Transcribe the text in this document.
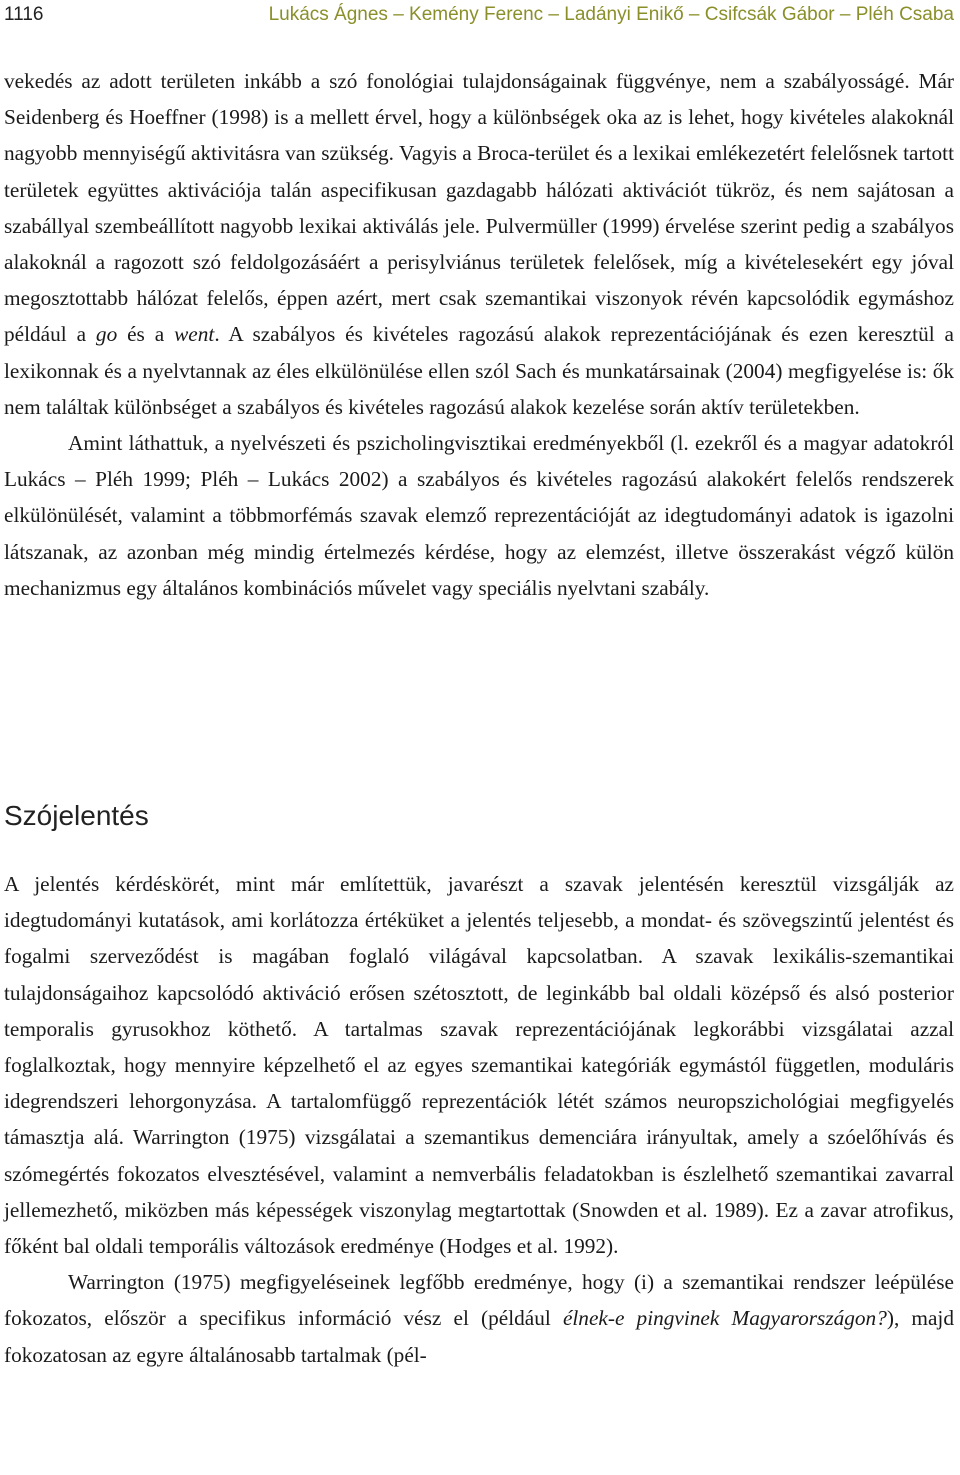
1116	Lukács Ágnes – Kemény Ferenc – Ladányi Enikő – Csifcsák Gábor – Pléh Csaba

vekedés az adott területen inkább a szó fonológiai tulajdonságainak függvénye, nem a szabályosságé. Már Seidenberg és Hoeffner (1998) is a mellett érvel, hogy a különbségek oka az is lehet, hogy kivételes alakoknál nagyobb mennyiségű aktivitásra van szükség. Vagyis a Broca-terület és a lexikai emlékezetért felelősnek tartott területek együttes aktivációja talán aspecifikusan gazdagabb hálózati aktivációt tükröz, és nem sajátosan a szabállyal szembeállított nagyobb lexikai aktiválás jele. Pulvermüller (1999) érvelése szerint pedig a szabályos alakoknál a ragozott szó feldolgozásáért a perisylviánus területek felelősek, míg a kivételesekért egy jóval megosztottabb hálózat felelős, éppen azért, mert csak szemantikai viszonyok révén kapcsolódik egymáshoz például a go és a went. A szabályos és kivételes ragozású alakok reprezentációjának és ezen keresztül a lexikonnak és a nyelvtannak az éles elkülönülése ellen szól Sach és munkatársainak (2004) megfigyelése is: ők nem találtak különbséget a szabályos és kivételes ragozású alakok kezelése során aktív területekben.

Amint láthattuk, a nyelvészeti és pszicholingvisztikai eredményekből (l. ezekről és a magyar adatokról Lukács – Pléh 1999; Pléh – Lukács 2002) a szabályos és kivételes ragozású alakokért felelős rendszerek elkülönülését, valamint a többmorfémás szavak elemző reprezentációját az idegtudományi adatok is igazolni látszanak, az azonban még mindig értelmezés kérdése, hogy az elemzést, illetve összerakást végző külön mechanizmus egy általános kombinációs művelet vagy speciális nyelvtani szabály.

Szójelentés

A jelentés kérdéskörét, mint már említettük, javarészt a szavak jelentésén keresztül vizsgálják az idegtudományi kutatások, ami korlátozza értéküket a jelentés teljesebb, a mondat- és szövegszintű jelentést és fogalmi szerveződést is magában foglaló világával kapcsolatban. A szavak lexikális-szemantikai tulajdonságaihoz kapcsolódó aktiváció erősen szétosztott, de leginkább bal oldali középső és alsó posterior temporalis gyrusokhoz köthető. A tartalmas szavak reprezentációjának legkorábbi vizsgálatai azzal foglalkoztak, hogy mennyire képzelhető el az egyes szemantikai kategóriák egymástól független, moduláris idegrendszeri lehorgonyzása. A tartalomfüggő reprezentációk létét számos neuropszichológiai megfigyelés támasztja alá. Warrington (1975) vizsgálatai a szemantikus demenciára irányultak, amely a szóelőhívás és szómegértés fokozatos elvesztésével, valamint a nemverbális feladatokban is észlelhető szemantikai zavarral jellemezhető, miközben más képességek viszonylag megtartottak (Snowden et al. 1989). Ez a zavar atrofikus, főként bal oldali temporális változások eredménye (Hodges et al. 1992).

Warrington (1975) megfigyeléseinek legfőbb eredménye, hogy (i) a szemantikai rendszer leépülése fokozatos, először a specifikus információ vész el (például élnek-e pingvinek Magyarországon?), majd fokozatosan az egyre általánosabb tartalmak (pél-
